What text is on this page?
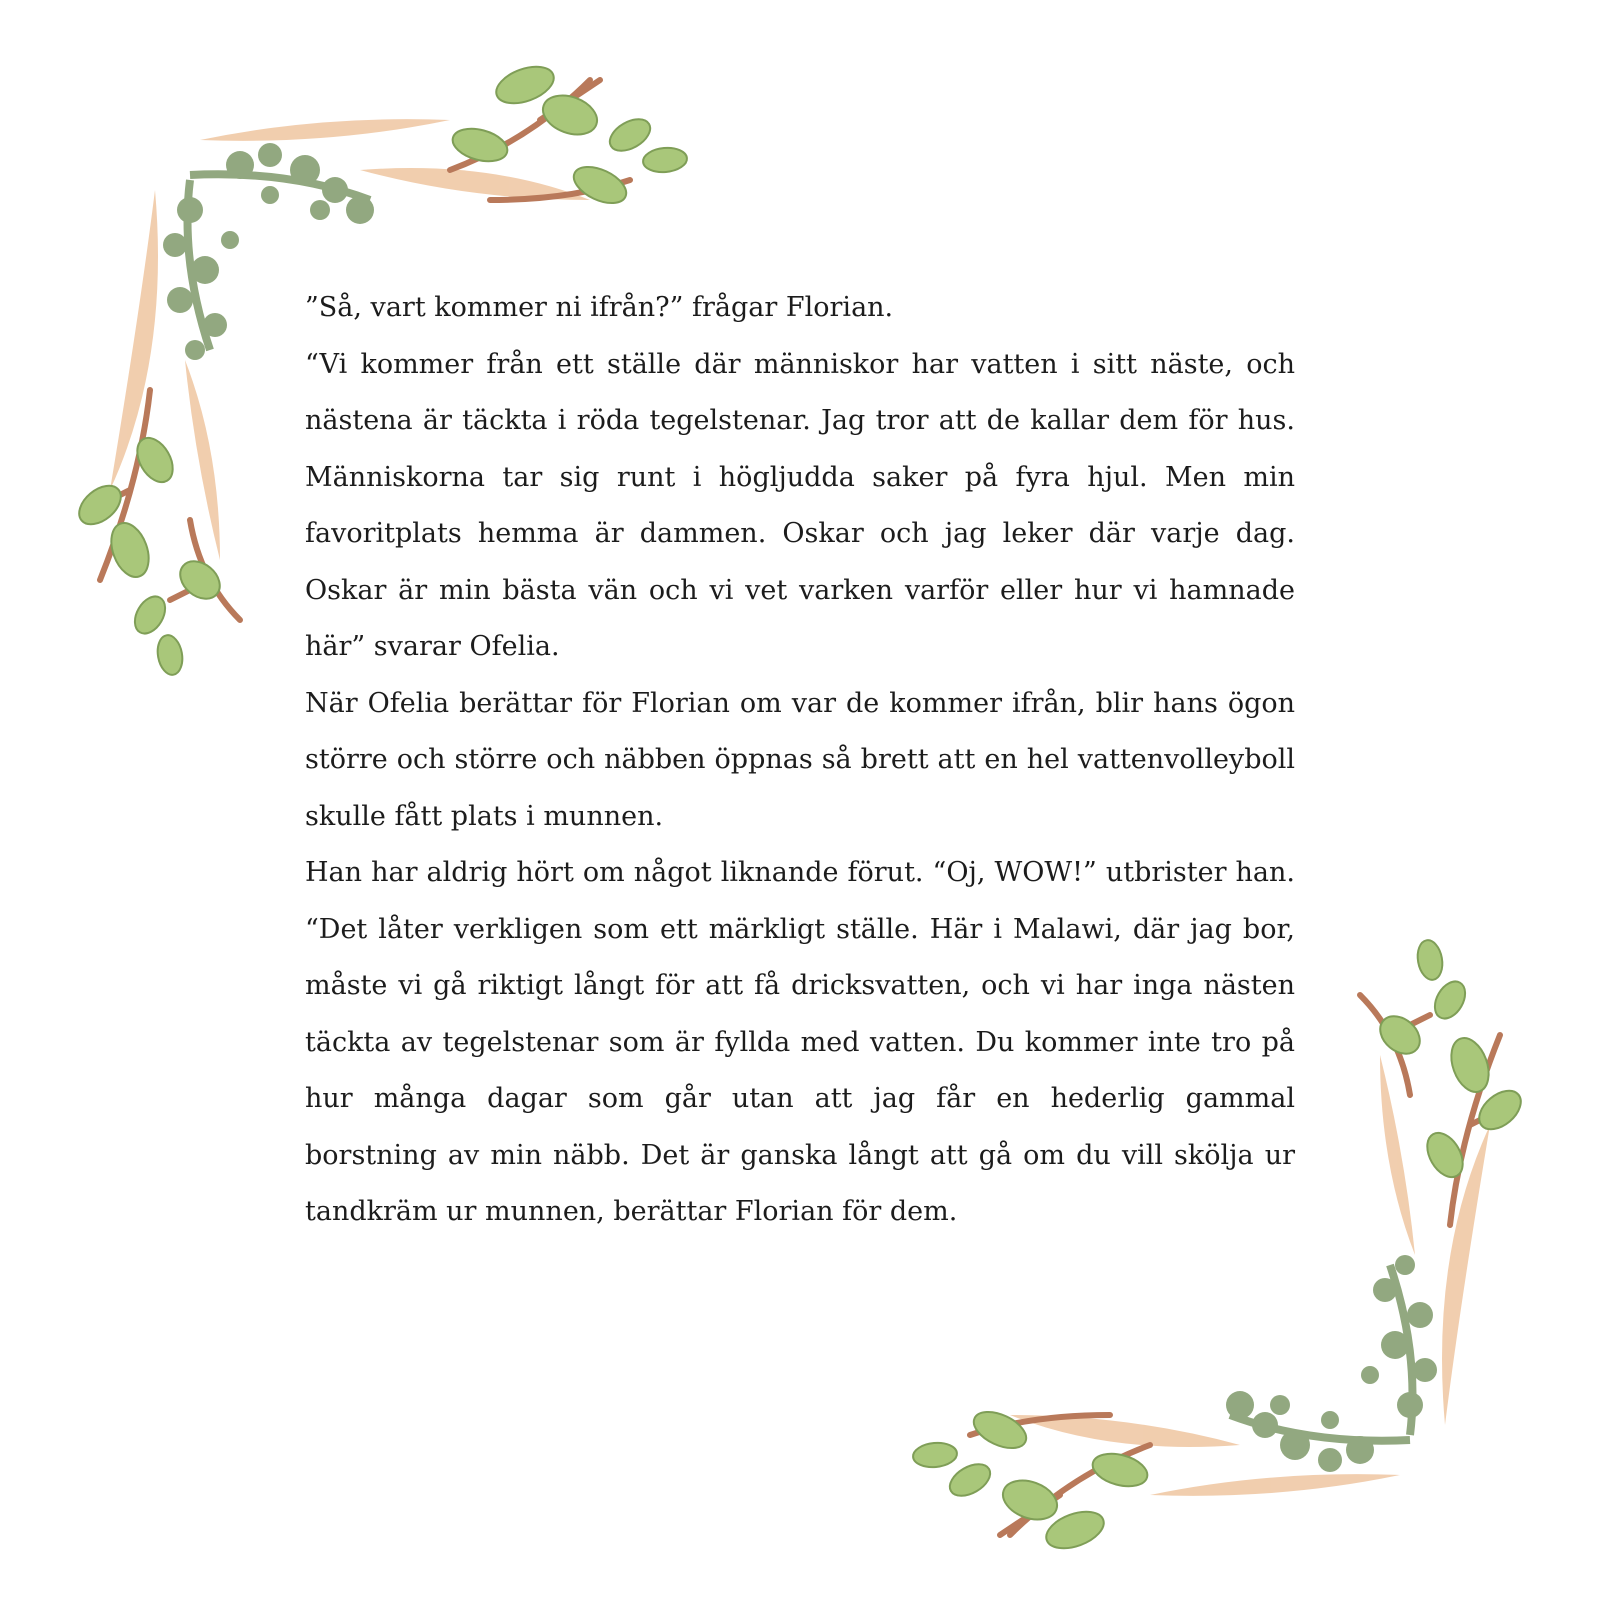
”Så, vart kommer ni ifrån?” frågar Florian.

“Vi kommer från ett ställe där människor har vatten i sitt näste, och nästena är täckta i röda tegelstenar. Jag tror att de kallar dem för hus. Människorna tar sig runt i högljudda saker på fyra hjul. Men min favoritplats hemma är dammen. Oskar och jag leker där varje dag. Oskar är min bästa vän och vi vet varken varför eller hur vi hamnade här” svarar Ofelia.

När Ofelia berättar för Florian om var de kommer ifrån, blir hans ögon större och större och näbben öppnas så brett att en hel vattenvolleyboll skulle fått plats i munnen.

Han har aldrig hört om något liknande förut. “Oj, WOW!” utbrister han. “Det låter verkligen som ett märkligt ställe. Här i Malawi, där jag bor, måste vi gå riktigt långt för att få dricksvatten, och vi har inga nästen täckta av tegelstenar som är fyllda med vatten. Du kommer inte tro på hur många dagar som går utan att jag får en hederlig gammal borstning av min näbb. Det är ganska långt att gå om du vill skölja ur tandkräm ur munnen, berättar Florian för dem.
